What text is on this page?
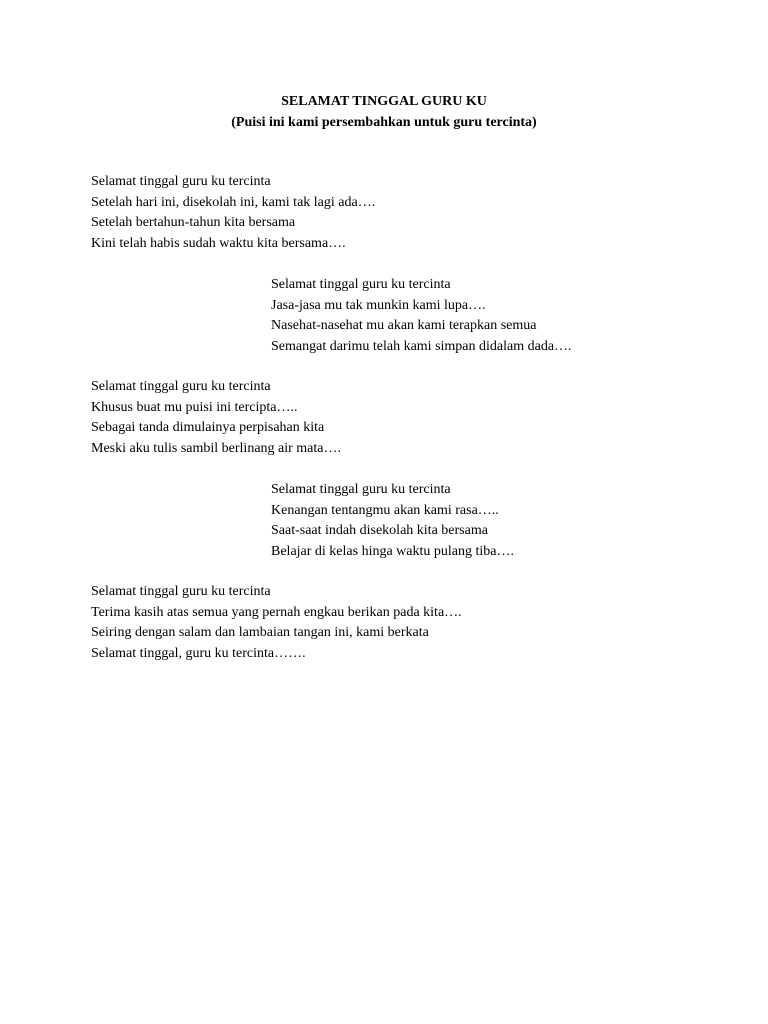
SELAMAT TINGGAL GURU KU
(Puisi ini kami persembahkan untuk guru tercinta)
Selamat tinggal guru ku tercinta
Setelah hari ini, disekolah ini, kami tak lagi ada….
Setelah bertahun-tahun kita bersama
Kini telah habis sudah waktu kita bersama….
Selamat tinggal guru ku tercinta
Jasa-jasa mu tak munkin kami lupa….
Nasehat-nasehat mu akan kami terapkan semua
Semangat darimu telah kami simpan didalam dada….
Selamat tinggal guru ku tercinta
Khusus buat mu puisi ini tercipta…..
Sebagai tanda dimulainya perpisahan kita
Meski aku tulis sambil berlinang air mata….
Selamat tinggal guru ku tercinta
Kenangan tentangmu akan kami rasa…..
Saat-saat indah disekolah kita bersama
Belajar di kelas hinga waktu pulang tiba….
Selamat tinggal guru ku tercinta
Terima kasih atas semua yang pernah engkau berikan pada kita….
Seiring dengan salam dan lambaian tangan ini, kami berkata
Selamat tinggal, guru ku tercinta…….
